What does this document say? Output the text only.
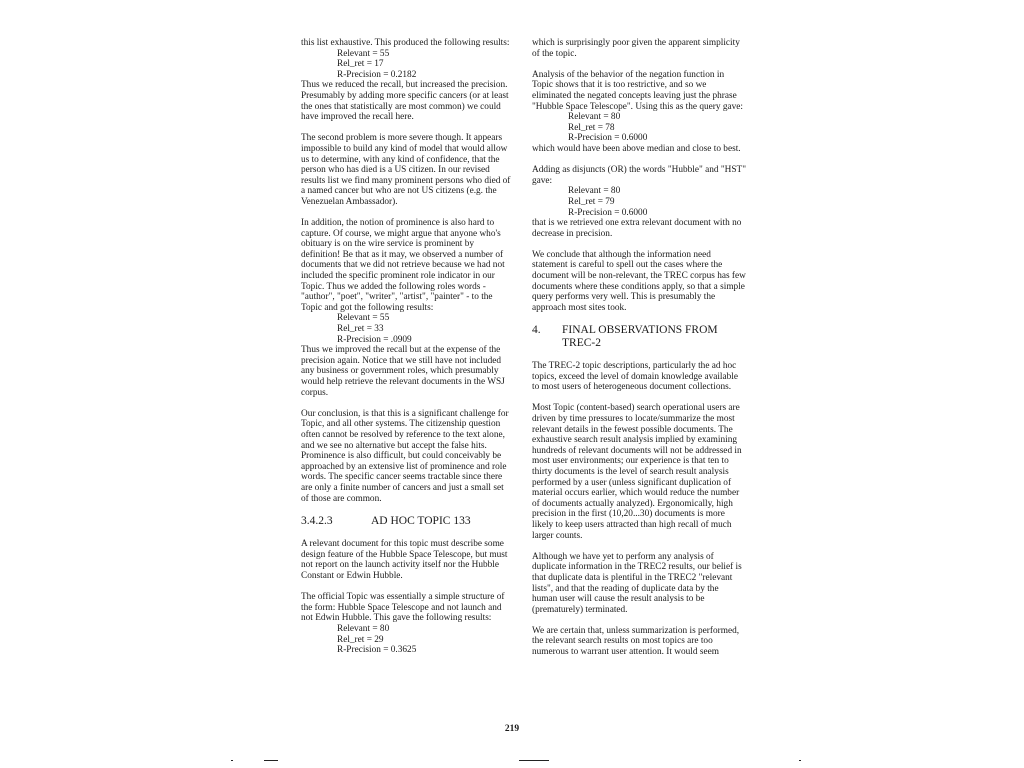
this list exhaustive. This produced the following results:

Relevant = 55

Rel_ret = 17

R-Precision = 0.2182

Thus we reduced the recall, but increased the precision. Presumably by adding more specific cancers (or at least the ones that statistically are most common) we could have improved the recall here.

The second problem is more severe though. It appears impossible to build any kind of model that would allow us to determine, with any kind of confidence, that the person who has died is a US citizen. In our revised results list we find many prominent persons who died of a named cancer but who are not US citizens (e.g. the Venezuelan Ambassador).

In addition, the notion of prominence is also hard to capture. Of course, we might argue that anyone who's obituary is on the wire service is prominent by definition! Be that as it may, we observed a number of documents that we did not retrieve because we had not included the specific prominent role indicator in our Topic. Thus we added the following roles words - "author", "poet", "writer", "artist", "painter" - to the Topic and got the following results:

Relevant = 55

Rel_ret = 33

R-Precision = .0909

Thus we improved the recall but at the expense of the precision again. Notice that we still have not included any business or government roles, which presumably would help retrieve the relevant documents in the WSJ corpus.

Our conclusion, is that this is a significant challenge for Topic, and all other systems. The citizenship question often cannot be resolved by reference to the text alone, and we see no alternative but accept the false hits. Prominence is also difficult, but could conceivably be approached by an extensive list of prominence and role words. The specific cancer seems tractable since there are only a finite number of cancers and just a small set of those are common.

3.4.2.3	AD HOC TOPIC 133

A relevant document for this topic must describe some design feature of the Hubble Space Telescope, but must not report on the launch activity itself nor the Hubble Constant or Edwin Hubble.

The official Topic was essentially a simple structure of the form: Hubble Space Telescope and not launch and not Edwin Hubble. This gave the following results:

Relevant = 80

Rel_ret = 29

R-Precision = 0.3625

which is surprisingly poor given the apparent simplicity of the topic.

Analysis of the behavior of the negation function in Topic shows that it is too restrictive, and so we eliminated the negated concepts leaving just the phrase "Hubble Space Telescope". Using this as the query gave:

Relevant = 80

Rel_ret = 78

R-Precision = 0.6000

which would have been above median and close to best.

Adding as disjuncts (OR) the words "Hubble" and "HST" gave:

Relevant = 80

Rel_ret = 79

R-Precision = 0.6000

that is we retrieved one extra relevant document with no decrease in precision.

We conclude that although the information need statement is careful to spell out the cases where the document will be non-relevant, the TREC corpus has few documents where these conditions apply, so that a simple query performs very well. This is presumably the approach most sites took.

4.	FINAL OBSERVATIONS FROM TREC-2

The TREC-2 topic descriptions, particularly the ad hoc topics, exceed the level of domain knowledge available to most users of heterogeneous document collections.

Most Topic (content-based) search operational users are driven by time pressures to locate/summarize the most relevant details in the fewest possible documents. The exhaustive search result analysis implied by examining hundreds of relevant documents will not be addressed in most user environments; our experience is that ten to thirty documents is the level of search result analysis performed by a user (unless significant duplication of material occurs earlier, which would reduce the number of documents actually analyzed). Ergonomically, high precision in the first (10,20...30) documents is more likely to keep users attracted than high recall of much larger counts.

Although we have yet to perform any analysis of duplicate information in the TREC2 results, our belief is that duplicate data is plentiful in the TREC2 "relevant lists", and that the reading of duplicate data by the human user will cause the result analysis to be (prematurely) terminated.

We are certain that, unless summarization is performed, the relevant search results on most topics are too numerous to warrant user attention. It would seem

219
